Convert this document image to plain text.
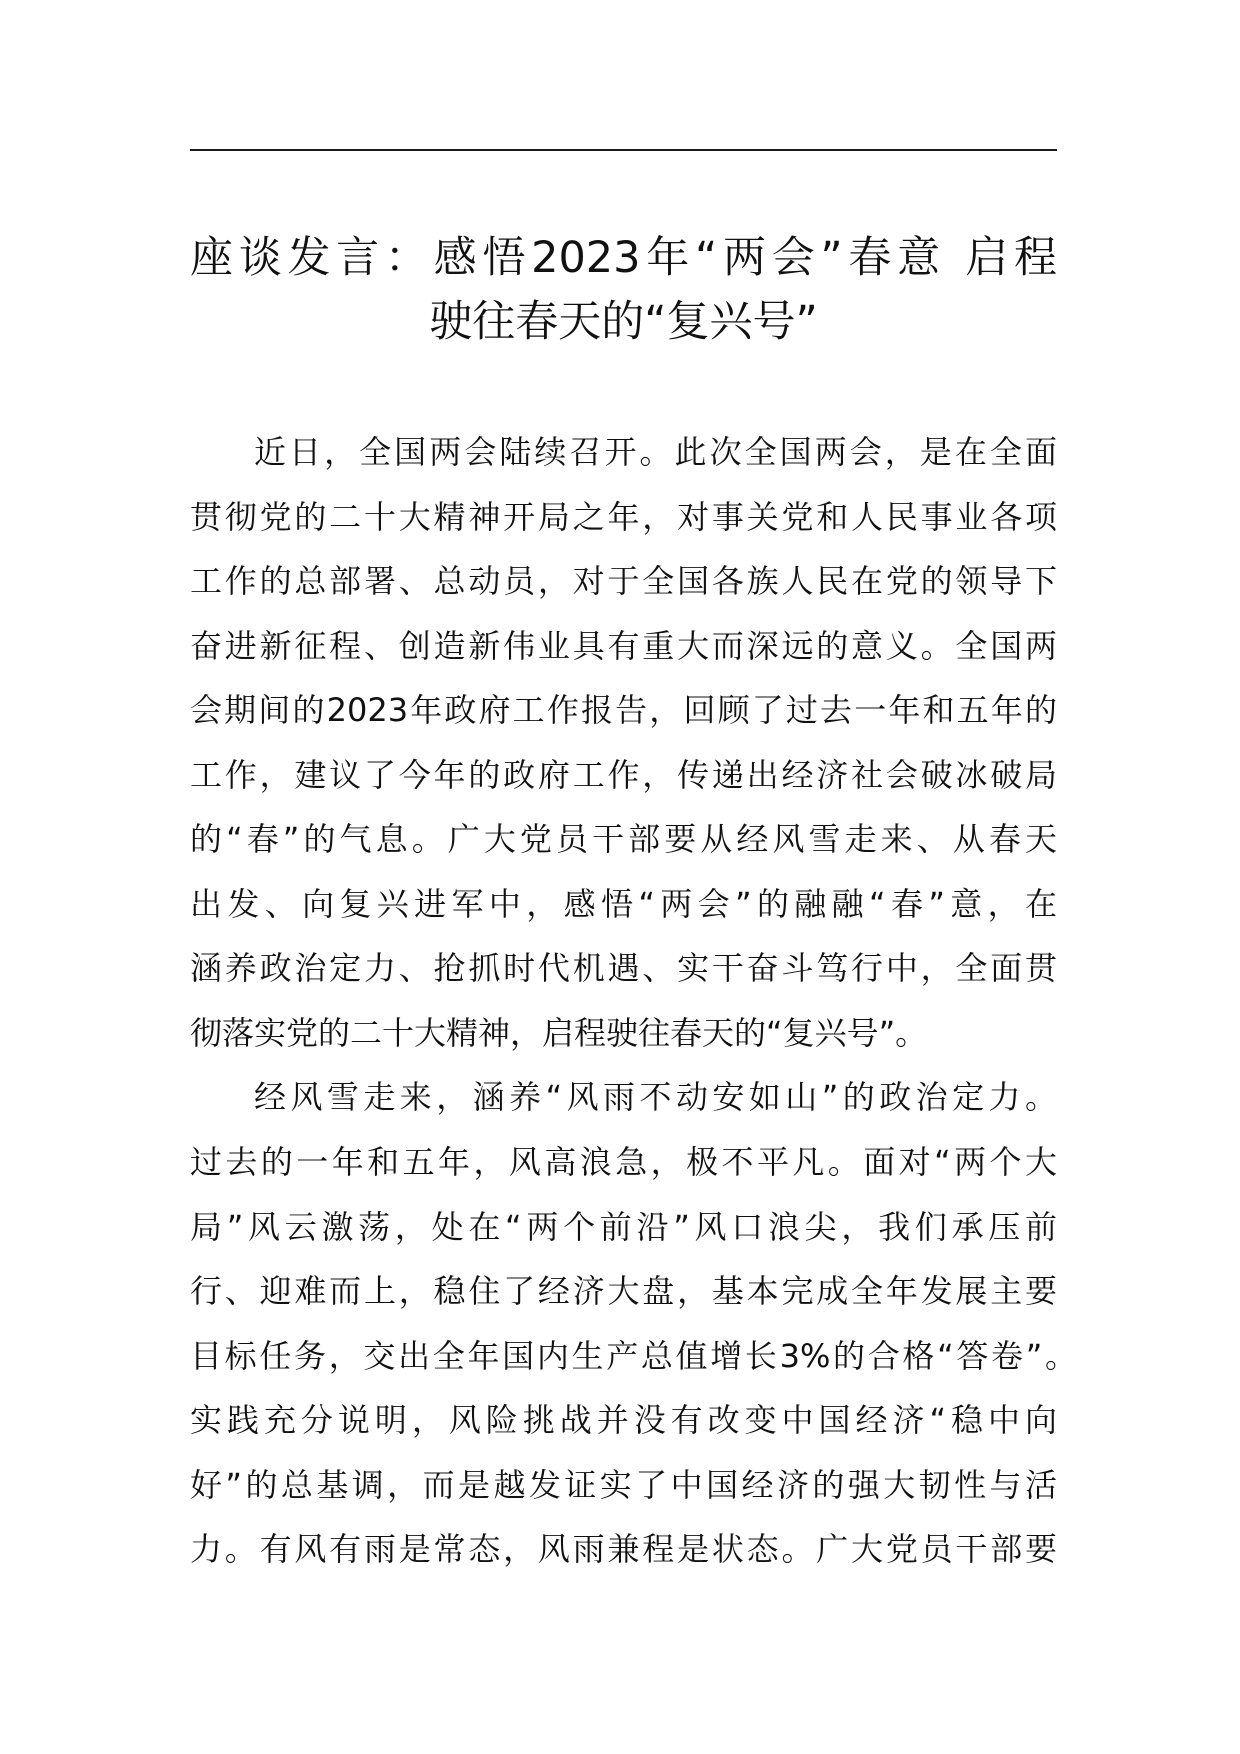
座谈发言：感悟2023年“两会”春意 启程
驶往春天的“复兴号”
近日，全国两会陆续召开。此次全国两会，是在全面
贯彻党的二十大精神开局之年，对事关党和人民事业各项
工作的总部署、总动员，对于全国各族人民在党的领导下
奋进新征程、创造新伟业具有重大而深远的意义。全国两
会期间的2023年政府工作报告，回顾了过去一年和五年的
工作，建议了今年的政府工作，传递出经济社会破冰破局
的“春”的气息。广大党员干部要从经风雪走来、从春天
出发、向复兴进军中，感悟“两会”的融融“春”意，在
涵养政治定力、抢抓时代机遇、实干奋斗笃行中，全面贯
彻落实党的二十大精神，启程驶往春天的“复兴号”。
经风雪走来，涵养“风雨不动安如山”的政治定力。
过去的一年和五年，风高浪急，极不平凡。面对“两个大
局”风云激荡，处在“两个前沿”风口浪尖，我们承压前
行、迎难而上，稳住了经济大盘，基本完成全年发展主要
目标任务，交出全年国内生产总值增长3%的合格“答卷”。
实践充分说明，风险挑战并没有改变中国经济“稳中向
好”的总基调，而是越发证实了中国经济的强大韧性与活
力。有风有雨是常态，风雨兼程是状态。广大党员干部要
